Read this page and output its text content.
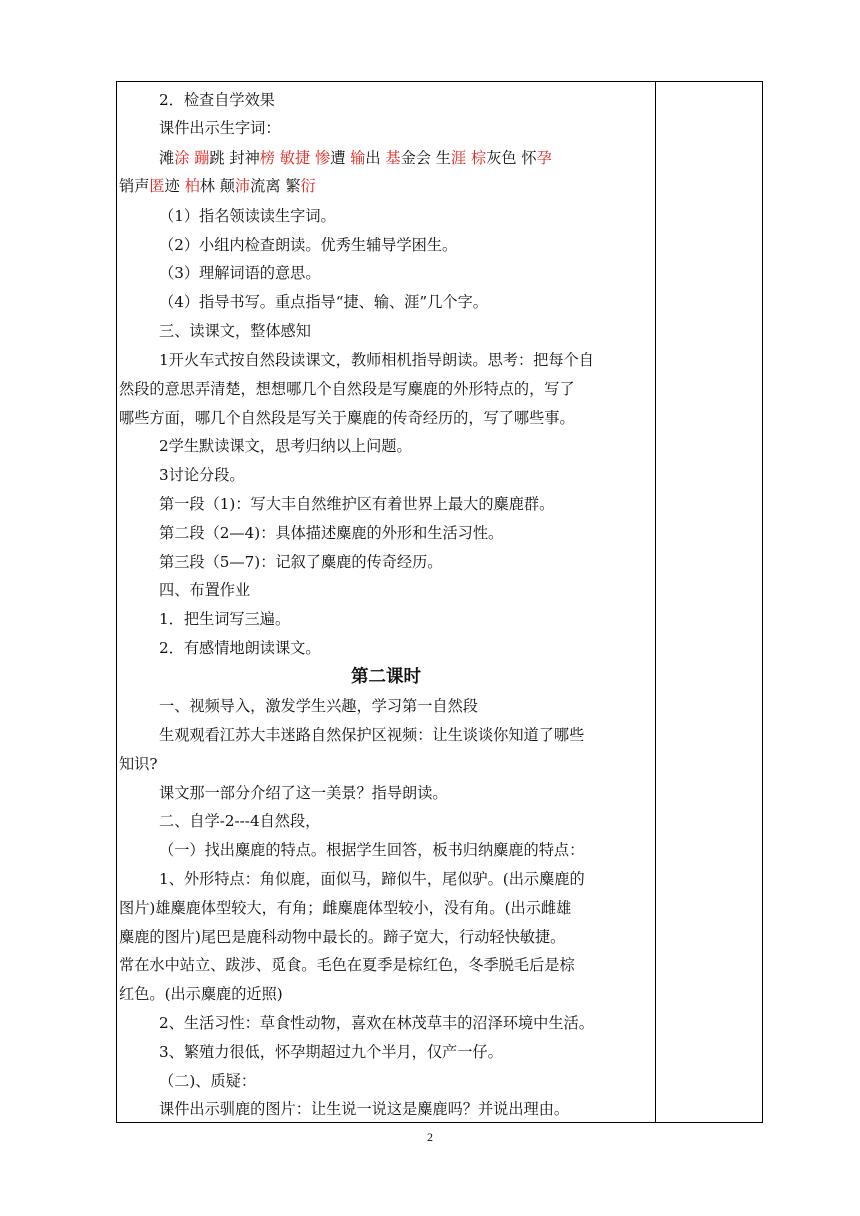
2．检查自学效果
课件出示生字词：
滩涂 蹦跳 封神榜 敏捷 惨遭 输出 基金会 生涯 棕灰色 怀孕
销声匿迹 柏林 颠沛流离 繁衍
（1）指名领读读生字词。
（2）小组内检查朗读。优秀生辅导学困生。
（3）理解词语的意思。
（4）指导书写。重点指导“捷、输、涯”几个字。
三、读课文，整体感知
1开火车式按自然段读课文，教师相机指导朗读。思考：把每个自
然段的意思弄清楚，想想哪几个自然段是写麋鹿的外形特点的，写了
哪些方面，哪几个自然段是写关于麋鹿的传奇经历的，写了哪些事。
2学生默读课文，思考归纳以上问题。
3讨论分段。
第一段（1)：写大丰自然维护区有着世界上最大的麋鹿群。
第二段（2—4)：具体描述麋鹿的外形和生活习性。
第三段（5—7)：记叙了麋鹿的传奇经历。
四、布置作业
1．把生词写三遍。
2．有感情地朗读课文。
第二课时
一、视频导入，激发学生兴趣，学习第一自然段
生观观看江苏大丰迷路自然保护区视频：让生谈谈你知道了哪些
知识?
课文那一部分介绍了这一美景？指导朗读。
二、自学-2---4自然段，
（一）找出麋鹿的特点。根据学生回答，板书归纳麋鹿的特点：
1、外形特点：角似鹿，面似马，蹄似牛，尾似驴。(出示麋鹿的
图片)雄麋鹿体型较大，有角；雌麋鹿体型较小，没有角。(出示雌雄
麋鹿的图片)尾巴是鹿科动物中最长的。蹄子宽大，行动轻快敏捷。
常在水中站立、跋涉、觅食。毛色在夏季是棕红色，冬季脱毛后是棕
红色。(出示麋鹿的近照)
2、生活习性：草食性动物，喜欢在林茂草丰的沼泽环境中生活。
3、繁殖力很低，怀孕期超过九个半月，仅产一仔。
（二)、质疑：
课件出示驯鹿的图片：让生说一说这是麋鹿吗？并说出理由。
2
